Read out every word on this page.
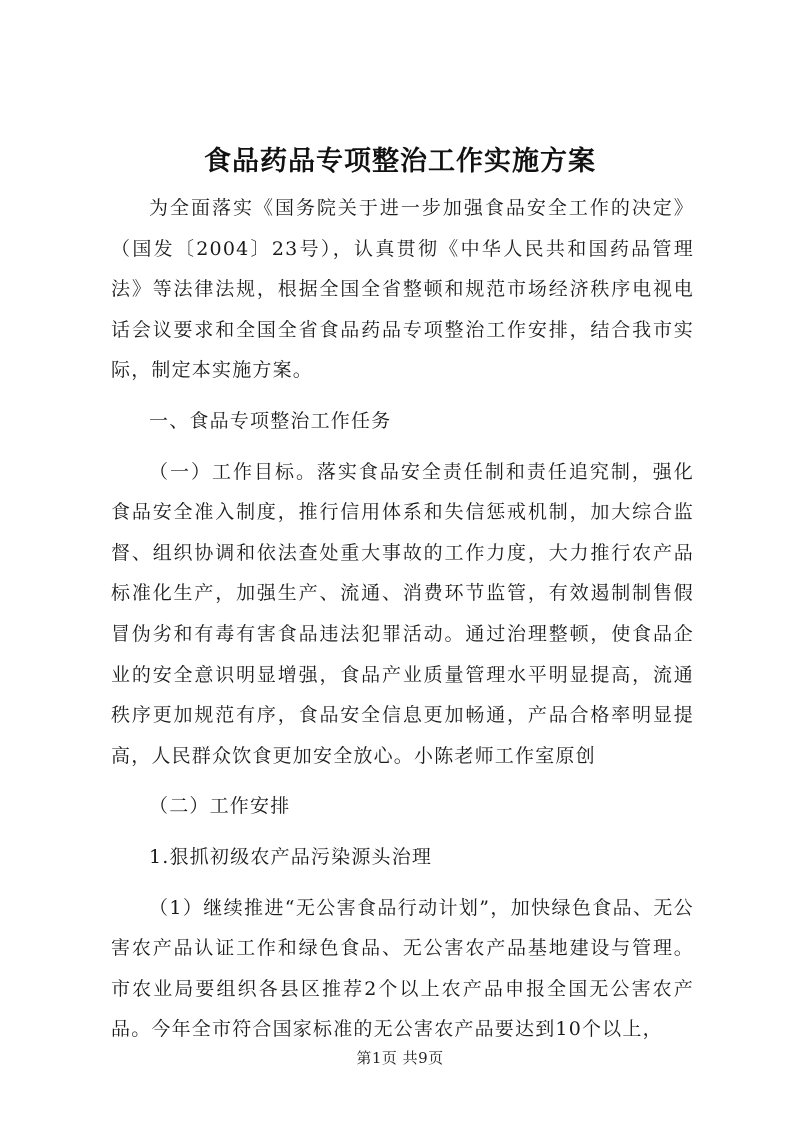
食品药品专项整治工作实施方案

为全面落实《国务院关于进一步加强食品安全工作的决定》（国发〔2004〕23号），认真贯彻《中华人民共和国药品管理法》等法律法规，根据全国全省整顿和规范市场经济秩序电视电话会议要求和全国全省食品药品专项整治工作安排，结合我市实际，制定本实施方案。

一、食品专项整治工作任务

（一）工作目标。落实食品安全责任制和责任追究制，强化食品安全准入制度，推行信用体系和失信惩戒机制，加大综合监督、组织协调和依法查处重大事故的工作力度，大力推行农产品标准化生产，加强生产、流通、消费环节监管，有效遏制制售假冒伪劣和有毒有害食品违法犯罪活动。通过治理整顿，使食品企业的安全意识明显增强，食品产业质量管理水平明显提高，流通秩序更加规范有序，食品安全信息更加畅通，产品合格率明显提高，人民群众饮食更加安全放心。小陈老师工作室原创

（二）工作安排

1.狠抓初级农产品污染源头治理

（1）继续推进“无公害食品行动计划”，加快绿色食品、无公害农产品认证工作和绿色食品、无公害农产品基地建设与管理。市农业局要组织各县区推荐2个以上农产品申报全国无公害农产品。今年全市符合国家标准的无公害农产品要达到10个以上，

第1页 共9页
